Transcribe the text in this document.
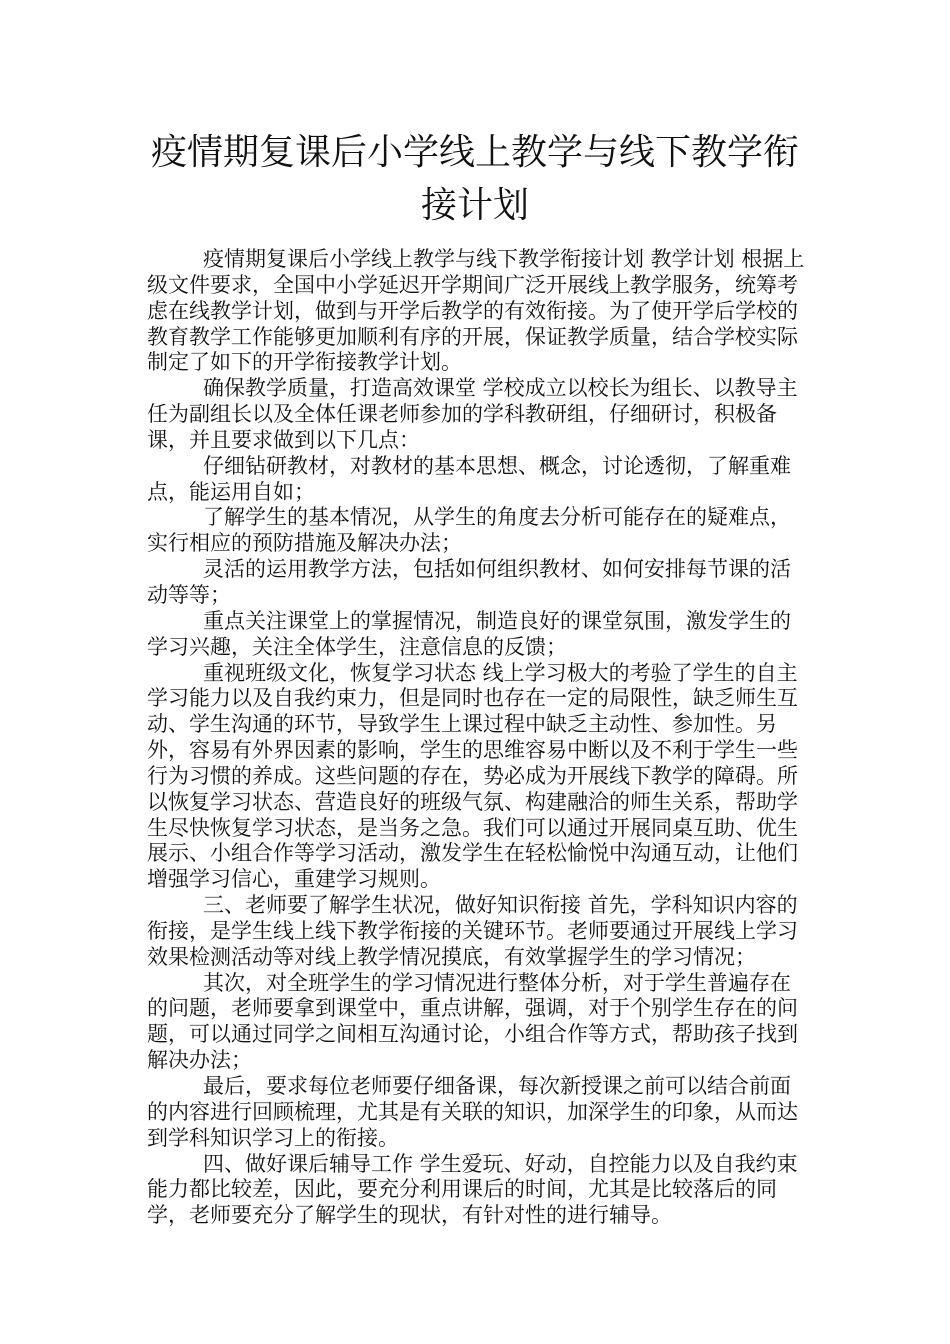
疫情期复课后小学线上教学与线下教学衔接计划

疫情期复课后小学线上教学与线下教学衔接计划 教学计划 根据上级文件要求，全国中小学延迟开学期间广泛开展线上教学服务，统筹考虑在线教学计划，做到与开学后教学的有效衔接。为了使开学后学校的教育教学工作能够更加顺利有序的开展，保证教学质量，结合学校实际制定了如下的开学衔接教学计划。

确保教学质量，打造高效课堂 学校成立以校长为组长、以教导主任为副组长以及全体任课老师参加的学科教研组，仔细研讨，积极备课，并且要求做到以下几点：

仔细钻研教材，对教材的基本思想、概念，讨论透彻，了解重难点，能运用自如；

了解学生的基本情况，从学生的角度去分析可能存在的疑难点，实行相应的预防措施及解决办法；

灵活的运用教学方法，包括如何组织教材、如何安排每节课的活动等等；

重点关注课堂上的掌握情况，制造良好的课堂氛围，激发学生的学习兴趣，关注全体学生，注意信息的反馈；

重视班级文化，恢复学习状态 线上学习极大的考验了学生的自主学习能力以及自我约束力，但是同时也存在一定的局限性，缺乏师生互动、学生沟通的环节，导致学生上课过程中缺乏主动性、参加性。另外，容易有外界因素的影响，学生的思维容易中断以及不利于学生一些行为习惯的养成。这些问题的存在，势必成为开展线下教学的障碍。所以恢复学习状态、营造良好的班级气氛、构建融洽的师生关系，帮助学生尽快恢复学习状态，是当务之急。我们可以通过开展同桌互助、优生展示、小组合作等学习活动，激发学生在轻松愉悦中沟通互动，让他们增强学习信心，重建学习规则。

三、老师要了解学生状况，做好知识衔接 首先，学科知识内容的衔接，是学生线上线下教学衔接的关键环节。老师要通过开展线上学习效果检测活动等对线上教学情况摸底，有效掌握学生的学习情况；

其次，对全班学生的学习情况进行整体分析，对于学生普遍存在的问题，老师要拿到课堂中，重点讲解，强调，对于个别学生存在的问题，可以通过同学之间相互沟通讨论，小组合作等方式，帮助孩子找到解决办法；

最后，要求每位老师要仔细备课，每次新授课之前可以结合前面的内容进行回顾梳理，尤其是有关联的知识，加深学生的印象，从而达到学科知识学习上的衔接。

四、做好课后辅导工作 学生爱玩、好动，自控能力以及自我约束能力都比较差，因此，要充分利用课后的时间，尤其是比较落后的同学，老师要充分了解学生的现状，有针对性的进行辅导。
